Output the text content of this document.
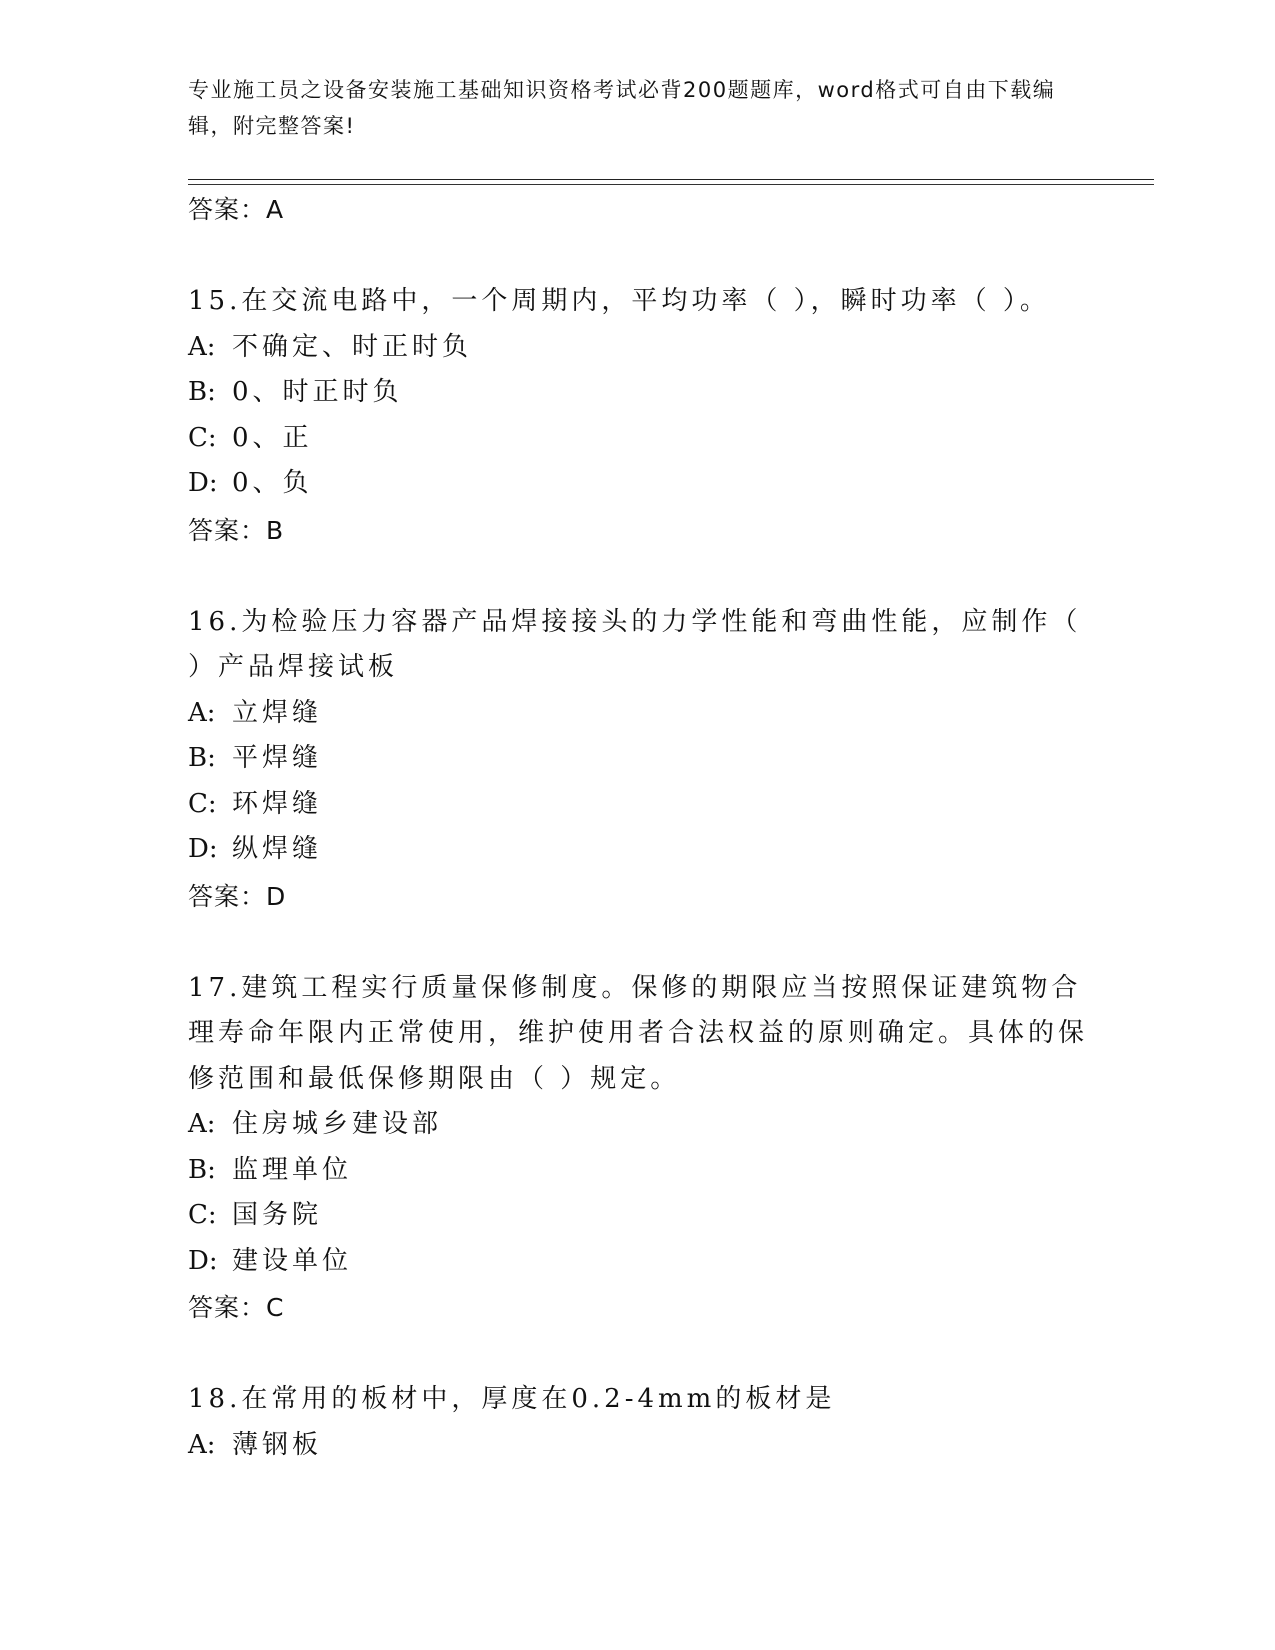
专业施工员之设备安装施工基础知识资格考试必背200题题库，word格式可自由下载编辑，附完整答案!

答案：A

15.在交流电路中，一个周期内，平均功率（ ），瞬时功率（ ）。

A: 不确定、时正时负

B: 0、时正时负

C: 0、正

D: 0、负

答案：B

16.为检验压力容器产品焊接接头的力学性能和弯曲性能，应制作（ ）产品焊接试板

A: 立焊缝

B: 平焊缝

C: 环焊缝

D: 纵焊缝

答案：D

17.建筑工程实行质量保修制度。保修的期限应当按照保证建筑物合理寿命年限内正常使用，维护使用者合法权益的原则确定。具体的保修范围和最低保修期限由（ ）规定。

A: 住房城乡建设部

B: 监理单位

C: 国务院

D: 建设单位

答案：C

18.在常用的板材中，厚度在0.2-4mm的板材是

A: 薄钢板
